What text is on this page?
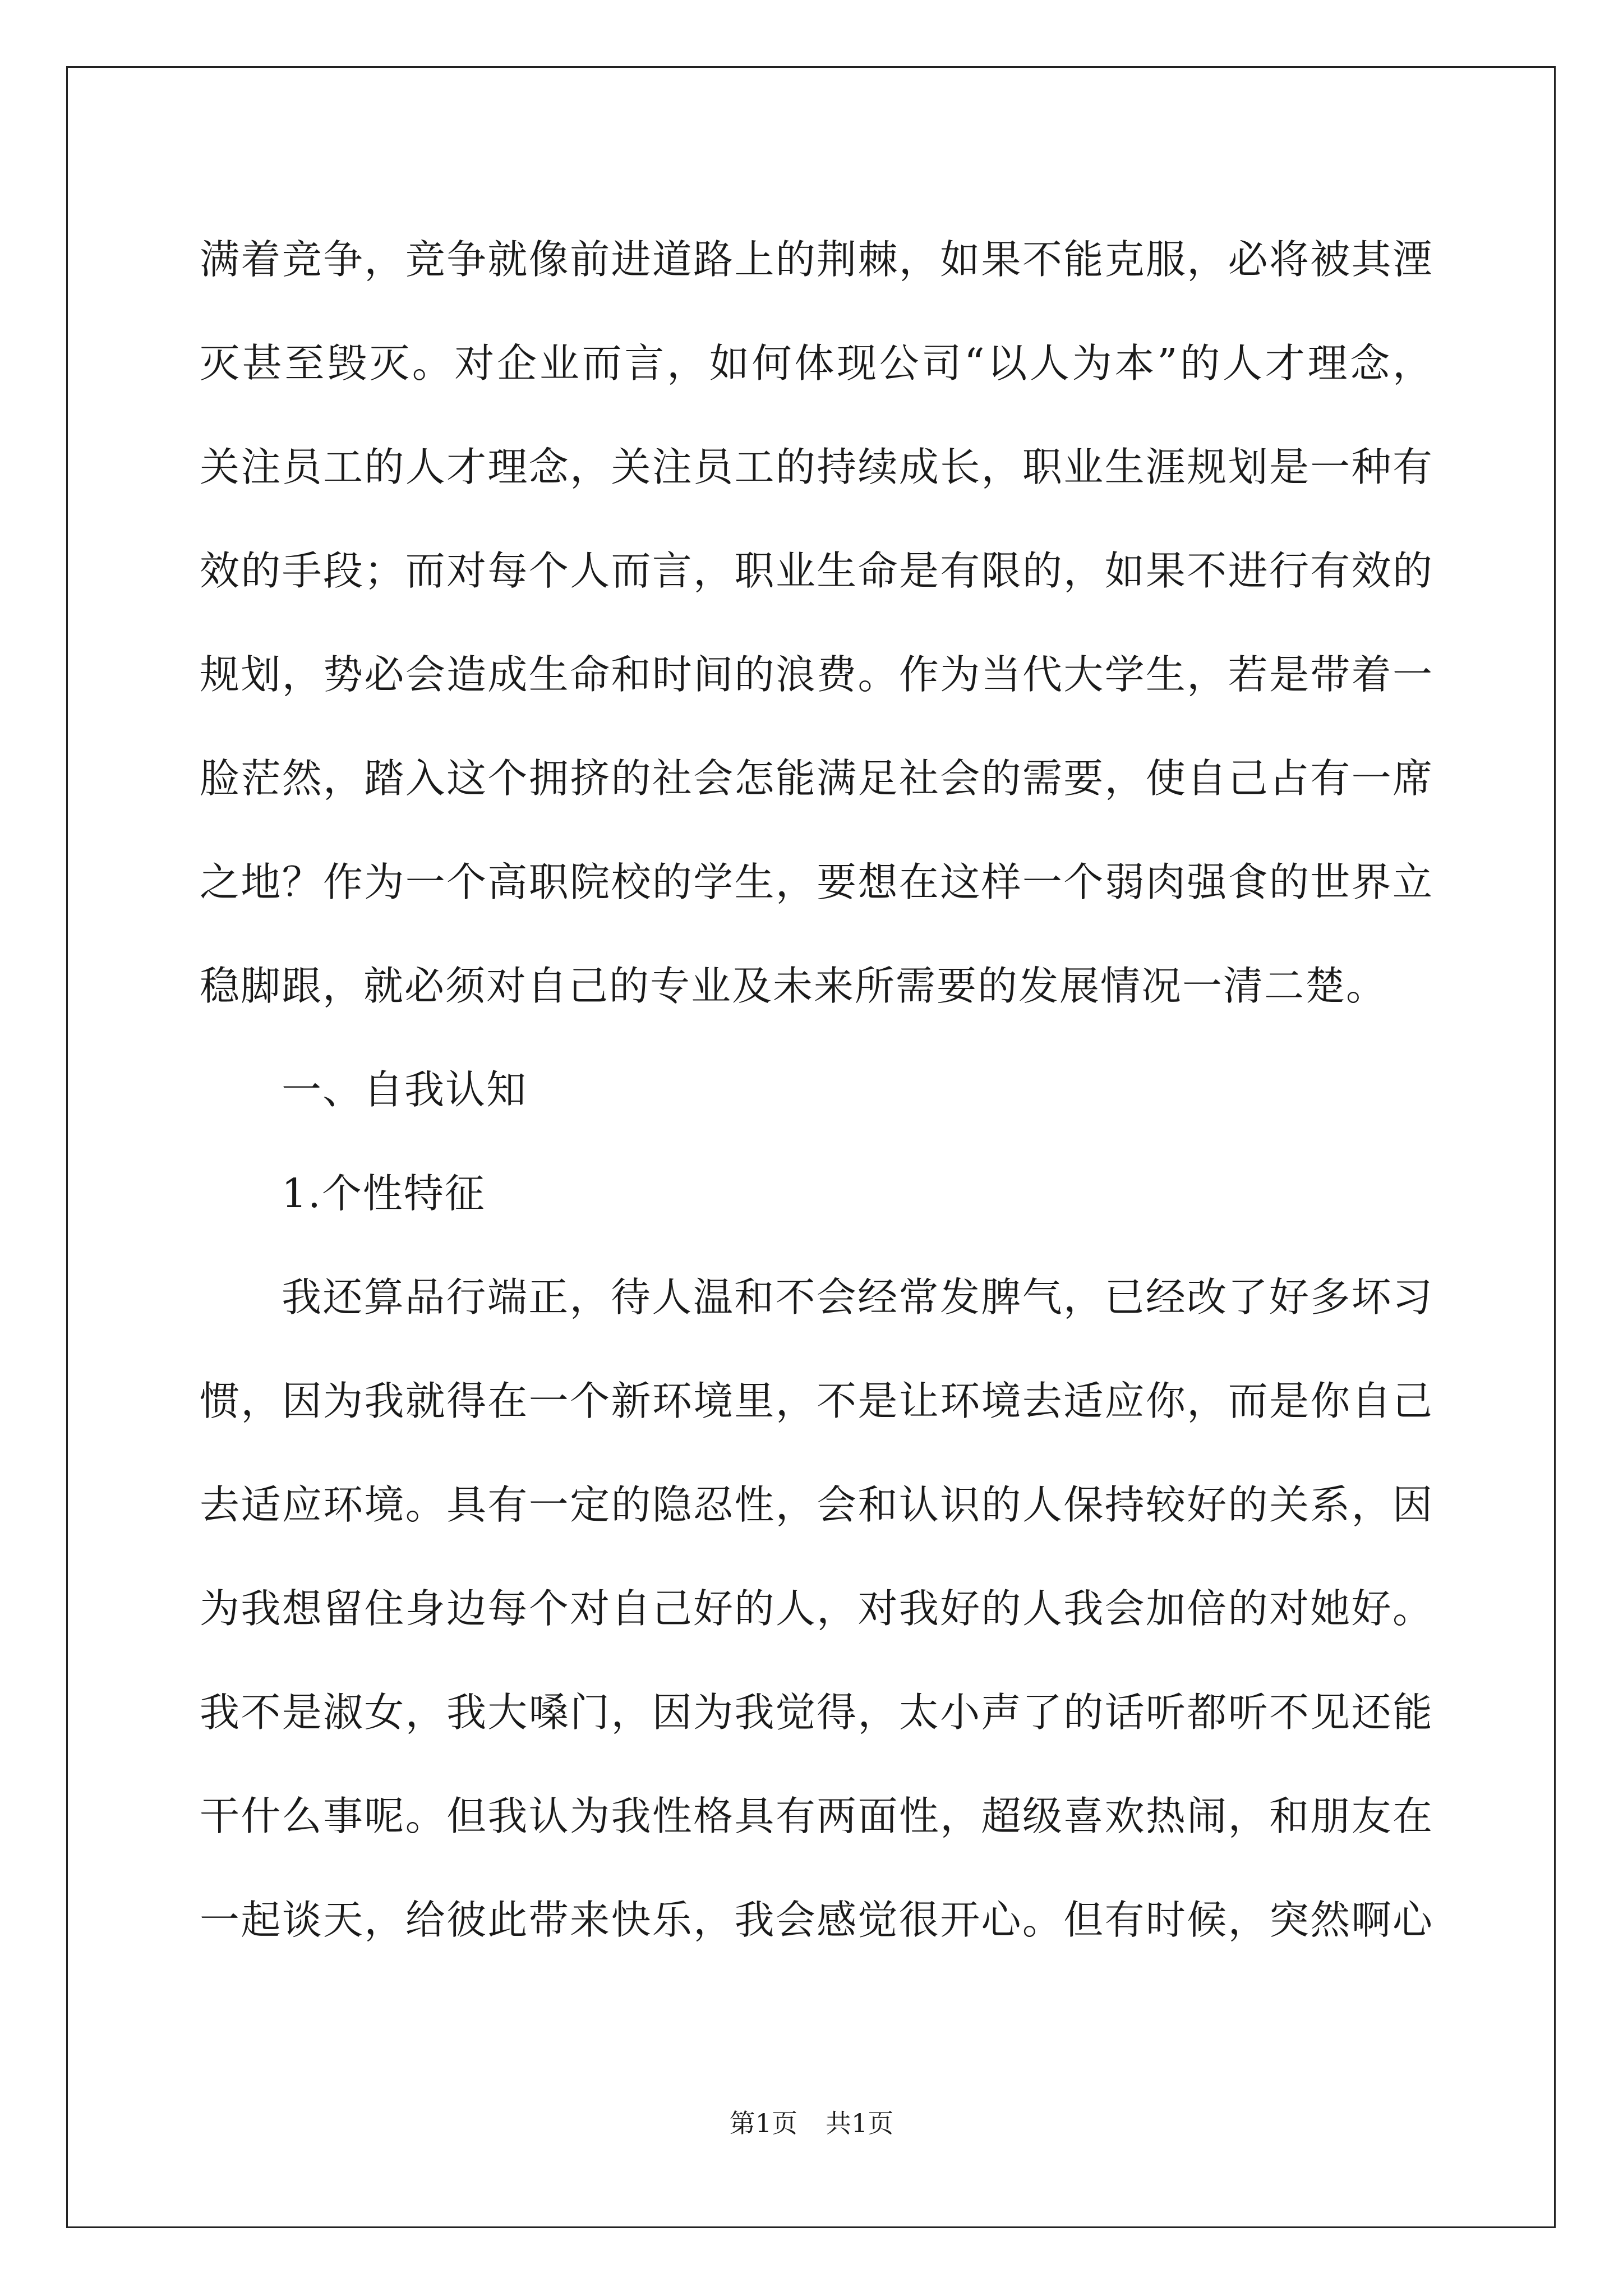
满着竞争，竞争就像前进道路上的荆棘，如果不能克服，必将被其湮
灭甚至毁灭。对企业而言，如何体现公司“以人为本”的人才理念，
关注员工的人才理念，关注员工的持续成长，职业生涯规划是一种有
效的手段；而对每个人而言，职业生命是有限的，如果不进行有效的
规划，势必会造成生命和时间的浪费。作为当代大学生，若是带着一
脸茫然，踏入这个拥挤的社会怎能满足社会的需要，使自己占有一席
之地？作为一个高职院校的学生，要想在这样一个弱肉强食的世界立
稳脚跟，就必须对自己的专业及未来所需要的发展情况一清二楚。
一、自我认知
1.个性特征
我还算品行端正，待人温和不会经常发脾气，已经改了好多坏习
惯，因为我就得在一个新环境里，不是让环境去适应你，而是你自己
去适应环境。具有一定的隐忍性，会和认识的人保持较好的关系，因
为我想留住身边每个对自己好的人，对我好的人我会加倍的对她好。
我不是淑女，我大嗓门，因为我觉得，太小声了的话听都听不见还能
干什么事呢。但我认为我性格具有两面性，超级喜欢热闹，和朋友在
一起谈天，给彼此带来快乐，我会感觉很开心。但有时候，突然啊心
第1页 共1页
